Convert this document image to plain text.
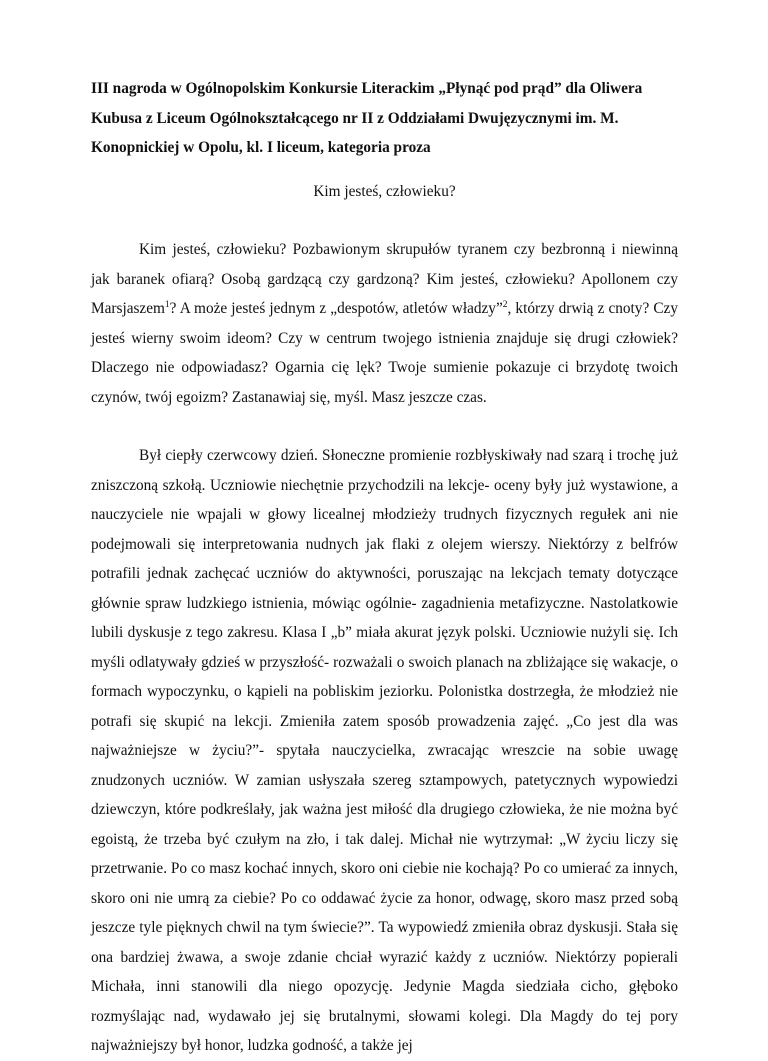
III nagroda w Ogólnopolskim Konkursie Literackim „Płynąć pod prąd” dla Oliwera Kubusa z Liceum Ogólnokształcącego nr II z Oddziałami Dwujęzycznymi im. M. Konopnickiej w Opolu, kl. I liceum, kategoria proza

Kim jesteś, człowieku?

Kim jesteś, człowieku? Pozbawionym skrupułów tyranem czy bezbronną i niewinną jak baranek ofiarą? Osobą gardzącą czy gardzoną? Kim jesteś, człowieku? Apollonem czy Marsjaszem$^1$? A może jesteś jednym z „despotów, atletów władzy”$^2$, którzy drwią z cnoty? Czy jesteś wierny swoim ideom? Czy w centrum twojego istnienia znajduje się drugi człowiek? Dlaczego nie odpowiadasz? Ogarnia cię lęk? Twoje sumienie pokazuje ci brzydotę twoich czynów, twój egoizm? Zastanawiaj się, myśl. Masz jeszcze czas.

Był ciepły czerwcowy dzień. Słoneczne promienie rozbłyskiwały nad szarą i trochę już zniszczoną szkołą. Uczniowie niechętnie przychodzili na lekcje- oceny były już wystawione, a nauczyciele nie wpajali w głowy licealnej młodzieży trudnych fizycznych regułek ani nie podejmowali się interpretowania nudnych jak flaki z olejem wierszy. Niektórzy z belfrów potrafili jednak zachęcać uczniów do aktywności, poruszając na lekcjach tematy dotyczące głównie spraw ludzkiego istnienia, mówiąc ogólnie- zagadnienia metafizyczne. Nastolatkowie lubili dyskusje z tego zakresu. Klasa I „b” miała akurat język polski. Uczniowie nużyli się. Ich myśli odlatywały gdzieś w przyszłość- rozważali o swoich planach na zbliżające się wakacje, o formach wypoczynku, o kąpieli na pobliskim jeziorku. Polonistka dostrzegła, że młodzież nie potrafi się skupić na lekcji. Zmieniła zatem sposób prowadzenia zajęć. „Co jest dla was najważniejsze w życiu?”- spytała nauczycielka, zwracając wreszcie na sobie uwagę znudzonych uczniów. W zamian usłyszała szereg sztampowych, patetycznych wypowiedzi dziewczyn, które podkreślały, jak ważna jest miłość dla drugiego człowieka, że nie można być egoistą, że trzeba być czułym na zło, i tak dalej. Michał nie wytrzymał: „W życiu liczy się przetrwanie. Po co masz kochać innych, skoro oni ciebie nie kochają? Po co umierać za innych, skoro oni nie umrą za ciebie? Po co oddawać życie za honor, odwagę, skoro masz przed sobą jeszcze tyle pięknych chwil na tym świecie?”. Ta wypowiedź zmieniła obraz dyskusji. Stała się ona bardziej żwawa, a swoje zdanie chciał wyrazić każdy z uczniów. Niektórzy popierali Michała, inni stanowili dla niego opozycję. Jedynie Magda siedziała cicho, głęboko rozmyślając nad, wydawało jej się brutalnymi, słowami kolegi. Dla Magdy do tej pory najważniejszy był honor, ludzka godność, a także jej
